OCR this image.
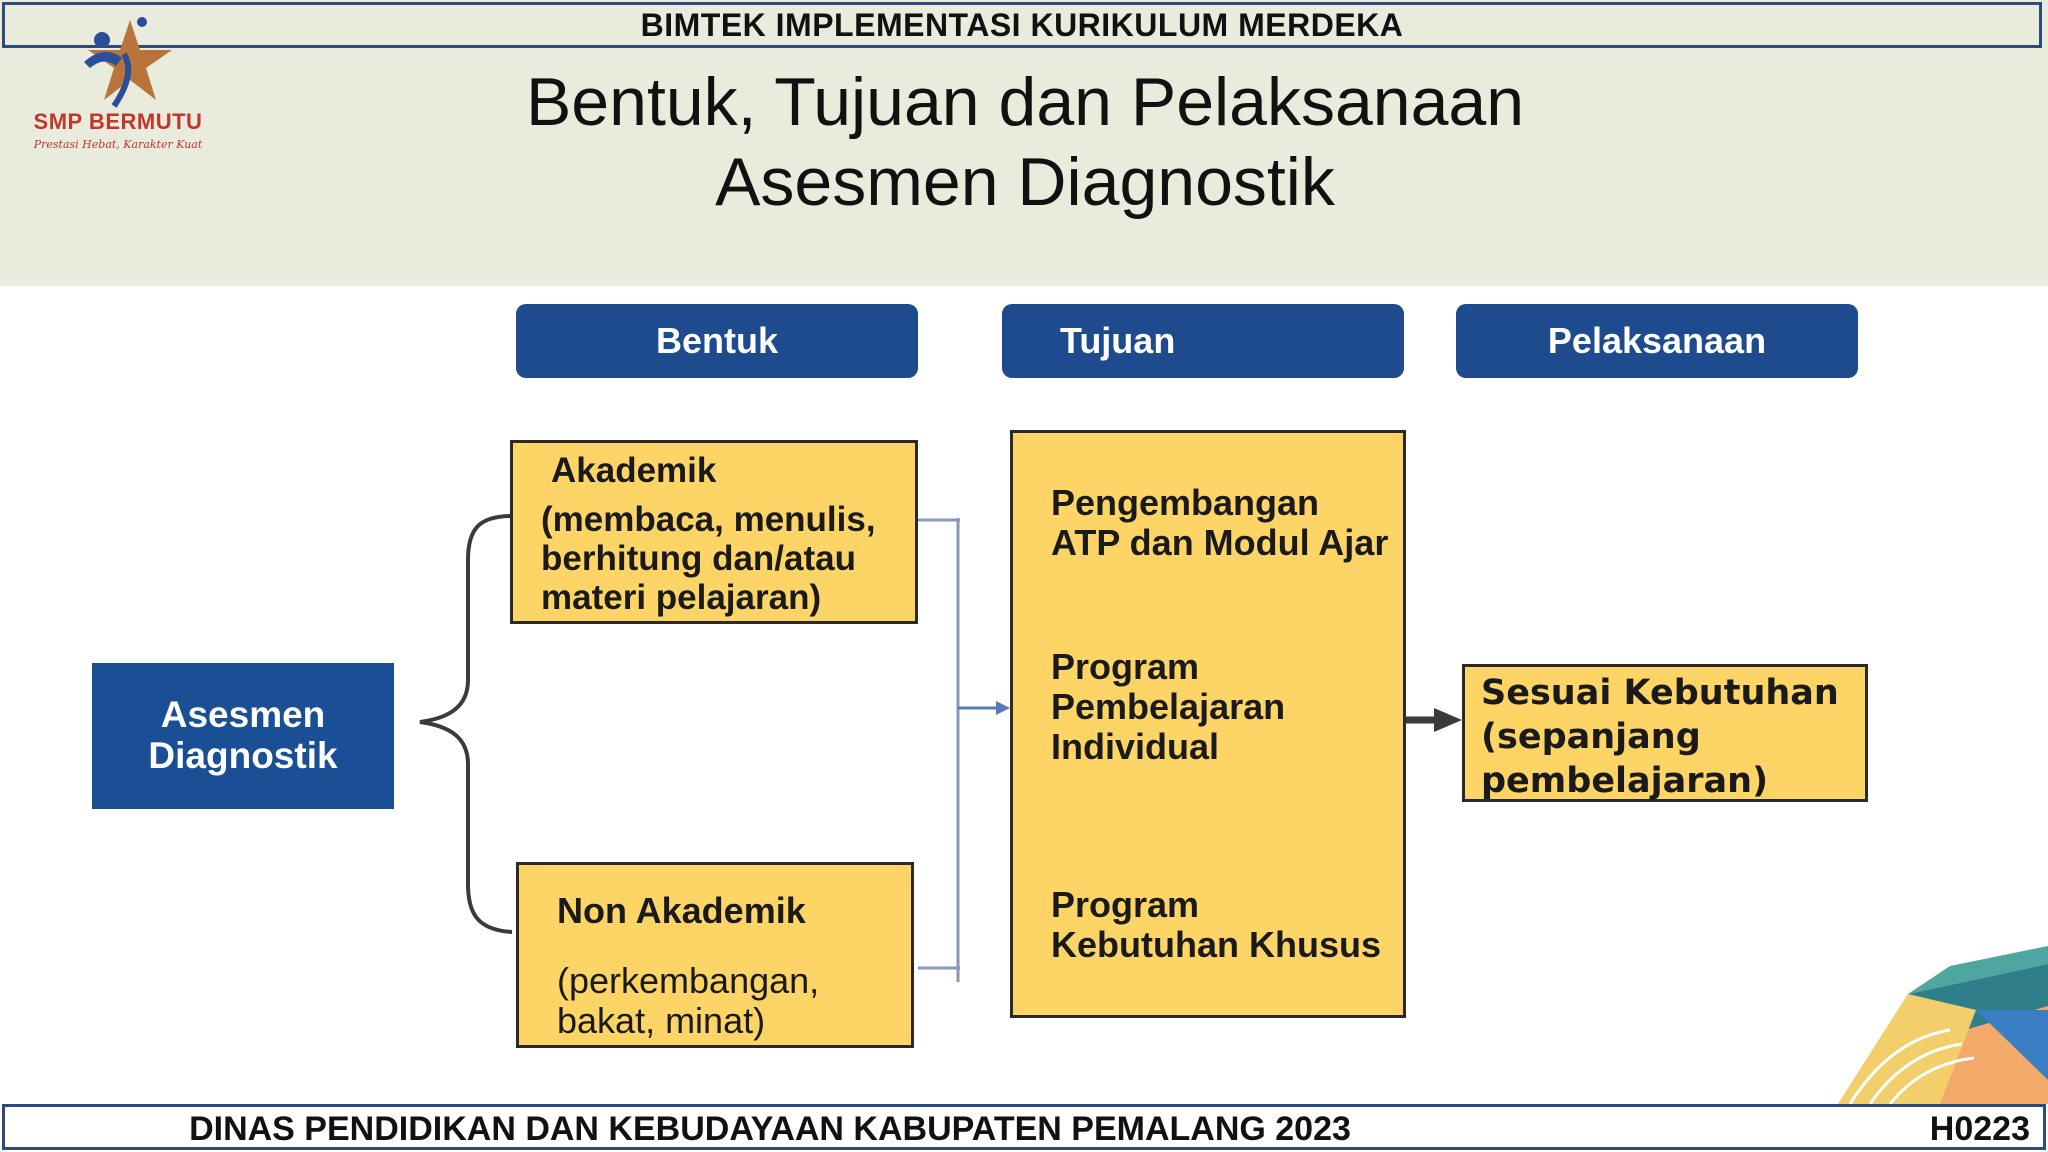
BIMTEK IMPLEMENTASI KURIKULUM MERDEKA
SMP BERMUTU
Prestasi Hebat, Karakter Kuat
Bentuk, Tujuan dan Pelaksanaan
Asesmen Diagnostik
Bentuk	Tujuan	Pelaksanaan
Asesmen
Diagnostik
Akademik
(membaca, menulis,
berhitung dan/atau
materi pelajaran)
Non Akademik
(perkembangan,
bakat, minat)
Pengembangan
ATP dan Modul Ajar
Program
Pembelajaran
Individual
Program
Kebutuhan Khusus
Sesuai Kebutuhan
(sepanjang
pembelajaran)
DINAS PENDIDIKAN DAN KEBUDAYAAN KABUPATEN PEMALANG 2023	H0223
